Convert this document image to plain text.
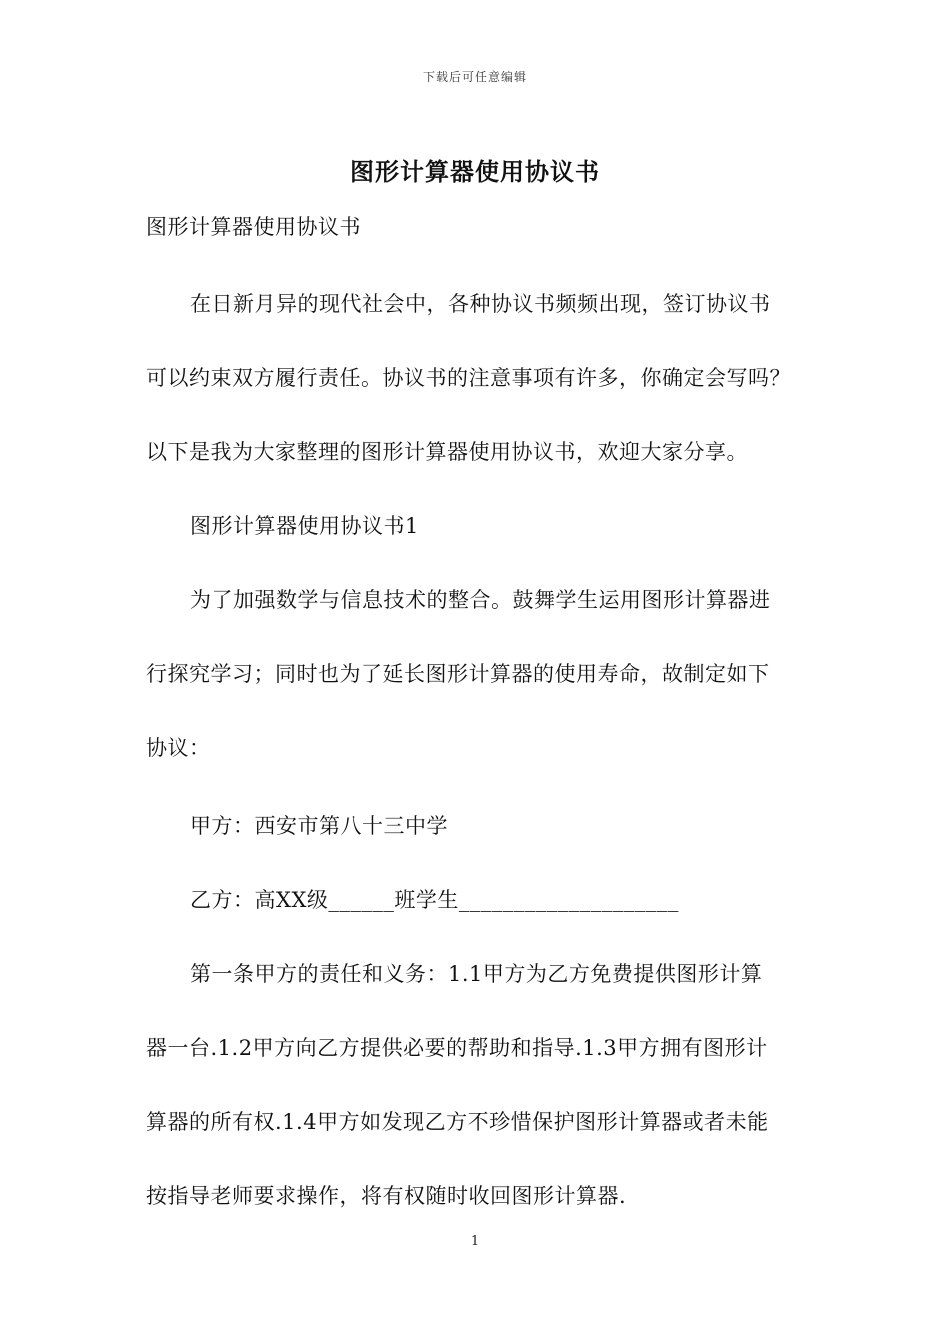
下载后可任意编辑
图形计算器使用协议书
图形计算器使用协议书
在日新月异的现代社会中，各种协议书频频出现，签订协议书
可以约束双方履行责任。协议书的注意事项有许多，你确定会写吗？
以下是我为大家整理的图形计算器使用协议书，欢迎大家分享。
图形计算器使用协议书1
为了加强数学与信息技术的整合。鼓舞学生运用图形计算器进
行探究学习；同时也为了延长图形计算器的使用寿命，故制定如下
协议：
甲方：西安市第八十三中学
乙方：高XX级______班学生____________________
第一条甲方的责任和义务：1.1甲方为乙方免费提供图形计算
器一台.1.2甲方向乙方提供必要的帮助和指导.1.3甲方拥有图形计
算器的所有权.1.4甲方如发现乙方不珍惜保护图形计算器或者未能
按指导老师要求操作，将有权随时收回图形计算器.
1
